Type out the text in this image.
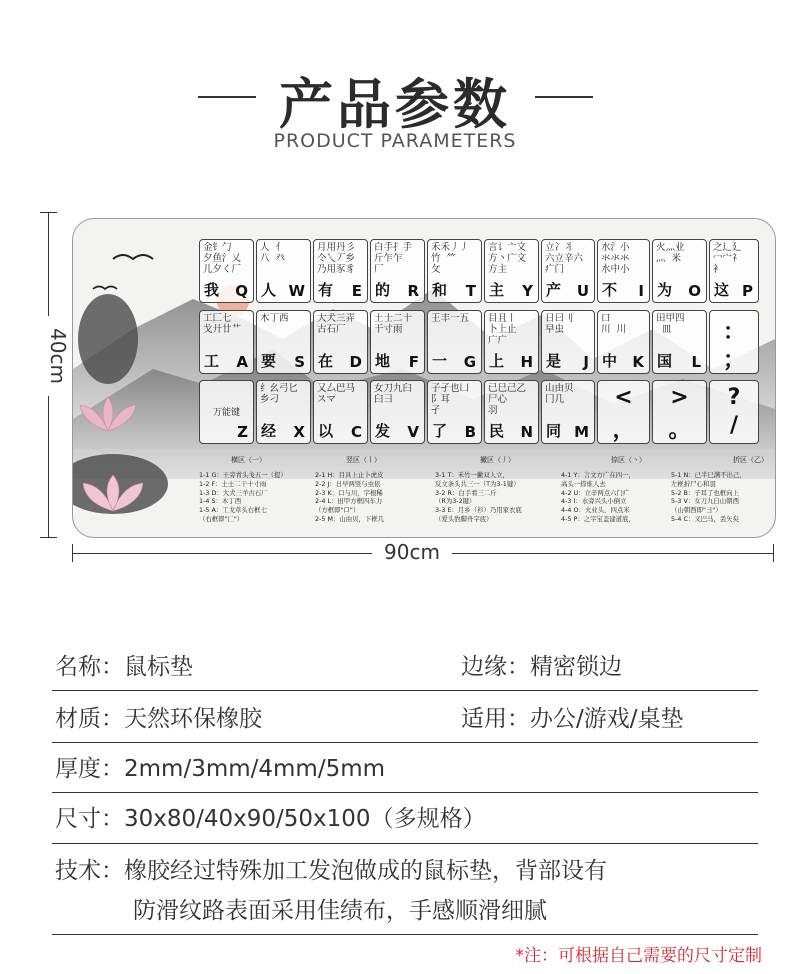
产品参数
PRODUCT PARAMETERS
40cm
90cm
金钅勹
夕鱼氵乂
儿夕く厂
我 Q
人  亻
八  癶
人 W
月用丹彡
仒乀丆乡
乃用豕豸
有 E
白手扌手
斤乍乍
厂
的 R
禾禾丿丿
竹  ⺮
攵
和 T
言讠亠文
方丶广文
方主
主 Y
立冫丬
六立辛六
疒门
产 U
水氵小
氺氺氺
水中小
不 I
火灬业
灬  米

为 O
之辶廴
冖宀礻
衤
这 P
工匚七
戈廾廿艹

工 A
木丁西

要 S
大犬三弄
古石厂

在 D
土士二十
干寸雨

地 F
王丰一五

一 G
目且丨
卜上止
广广
上 H
日曰刂
早虫

是 J
口
川  川
中 K
田甲四
皿
国 L
：
；
万能键
Z
纟幺弓匕
乡刁
经 X
又厶巴马
スマ
以 C
女刀九臼
臼彐
发 V
子孑也凵
阝耳
孑
了 B
已巳己乙
尸心
羽
民 N
山由贝
冂几

同 M
<
，
>
。
?
/
横区（一）	竖区（丨）	撇区（丿）	捺区（丶）	折区（乙）
1-1 G：王旁青头戋五一（提）
1-2 F：土士二干十寸雨
1-3 D：大犬三羊古石厂
1-4 S：木丁西
1-5 A：工戈草头右框七
（右框即"匚"）
2-1 H：目具上止卜虎皮
2-2 J：日早两竖与虫依
2-3 K：口与川，字根稀
2-4 L：田甲方框四车力
（方框即"口"）
2-5 M：山由贝，下框几
3-1 T：禾竹一撇双人立，
反文条头共三一（T为3-1键）
3-2 R：白手看三二斤
（R为3-2键）
3-3 E：月乡（衫）乃用家衣底
（爱头豹脚舟字底）
4-1 Y：言文方广在四一，
高头一捺谁人去
4-2 U：立辛两点六门疒
4-3 I：水旁兴头小倒立
4-4 O：火业头，四点米
4-5 P：之字宝盖建道底，
5-1 N：已半巳满不出己，
左框折尸心和羽
5-2 B：子耳了也框向上
5-3 V：女刀九臼山朝西
（山朝西即"彐"）
5-4 C：又巴马，丢矢矣
名称：鼠标垫	边缘：精密锁边
材质：天然环保橡胶	适用：办公/游戏/桌垫
厚度：2mm/3mm/4mm/5mm
尺寸：30x80/40x90/50x100（多规格）
技术：橡胶经过特殊加工发泡做成的鼠标垫，背部设有
防滑纹路表面采用佳绩布，手感顺滑细腻
*注：可根据自己需要的尺寸定制
